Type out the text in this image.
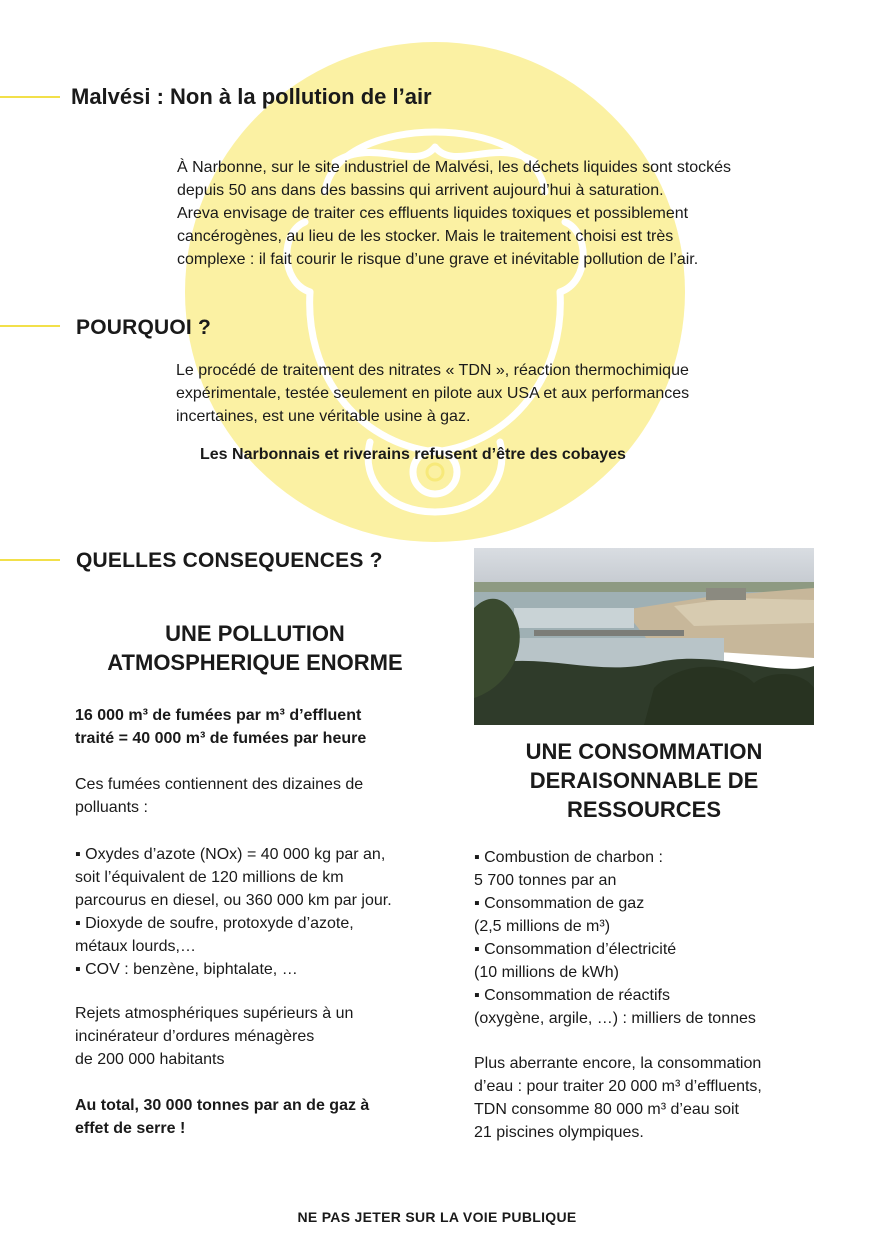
Malvési : Non à la pollution de l’air
À Narbonne, sur le site industriel de Malvési, les déchets liquides sont stockés
depuis 50 ans dans des bassins qui arrivent aujourd’hui à saturation.
Areva envisage de traiter ces effluents liquides toxiques et possiblement
cancérogènes, au lieu de les stocker. Mais le traitement choisi est très
complexe : il fait courir le risque d’une grave et inévitable pollution de l’air.
POURQUOI ?
Le procédé de traitement des nitrates « TDN », réaction thermochimique
expérimentale, testée seulement en pilote aux USA et aux performances
incertaines, est une véritable usine à gaz.
Les Narbonnais et riverains refusent d’être des cobayes
QUELLES CONSEQUENCES ?
UNE POLLUTION
ATMOSPHERIQUE ENORME
16 000 m³ de fumées par m³ d’effluent
traité = 40 000 m³ de fumées par heure
Ces fumées contiennent des dizaines de
polluants :
▪ Oxydes d’azote (NOx) = 40 000 kg par an,
soit l’équivalent de 120 millions de km
parcourus en diesel, ou 360 000 km par jour.
▪ Dioxyde de soufre, protoxyde d’azote,
métaux lourds,…
▪ COV : benzène, biphtalate, …
Rejets atmosphériques supérieurs à un
incinérateur d’ordures ménagères
de 200 000 habitants
Au total, 30 000 tonnes par an de gaz à
effet de serre !
UNE CONSOMMATION
DERAISONNABLE DE
RESSOURCES
▪ Combustion de charbon :
5 700 tonnes par an
▪ Consommation de gaz
(2,5 millions de m³)
▪ Consommation d’électricité
(10 millions de kWh)
▪ Consommation de réactifs
(oxygène, argile, …) : milliers de tonnes
Plus aberrante encore, la consommation
d’eau : pour traiter 20 000 m³ d’effluents,
TDN consomme 80 000 m³ d’eau soit
21 piscines olympiques.
NE PAS JETER SUR LA VOIE PUBLIQUE
